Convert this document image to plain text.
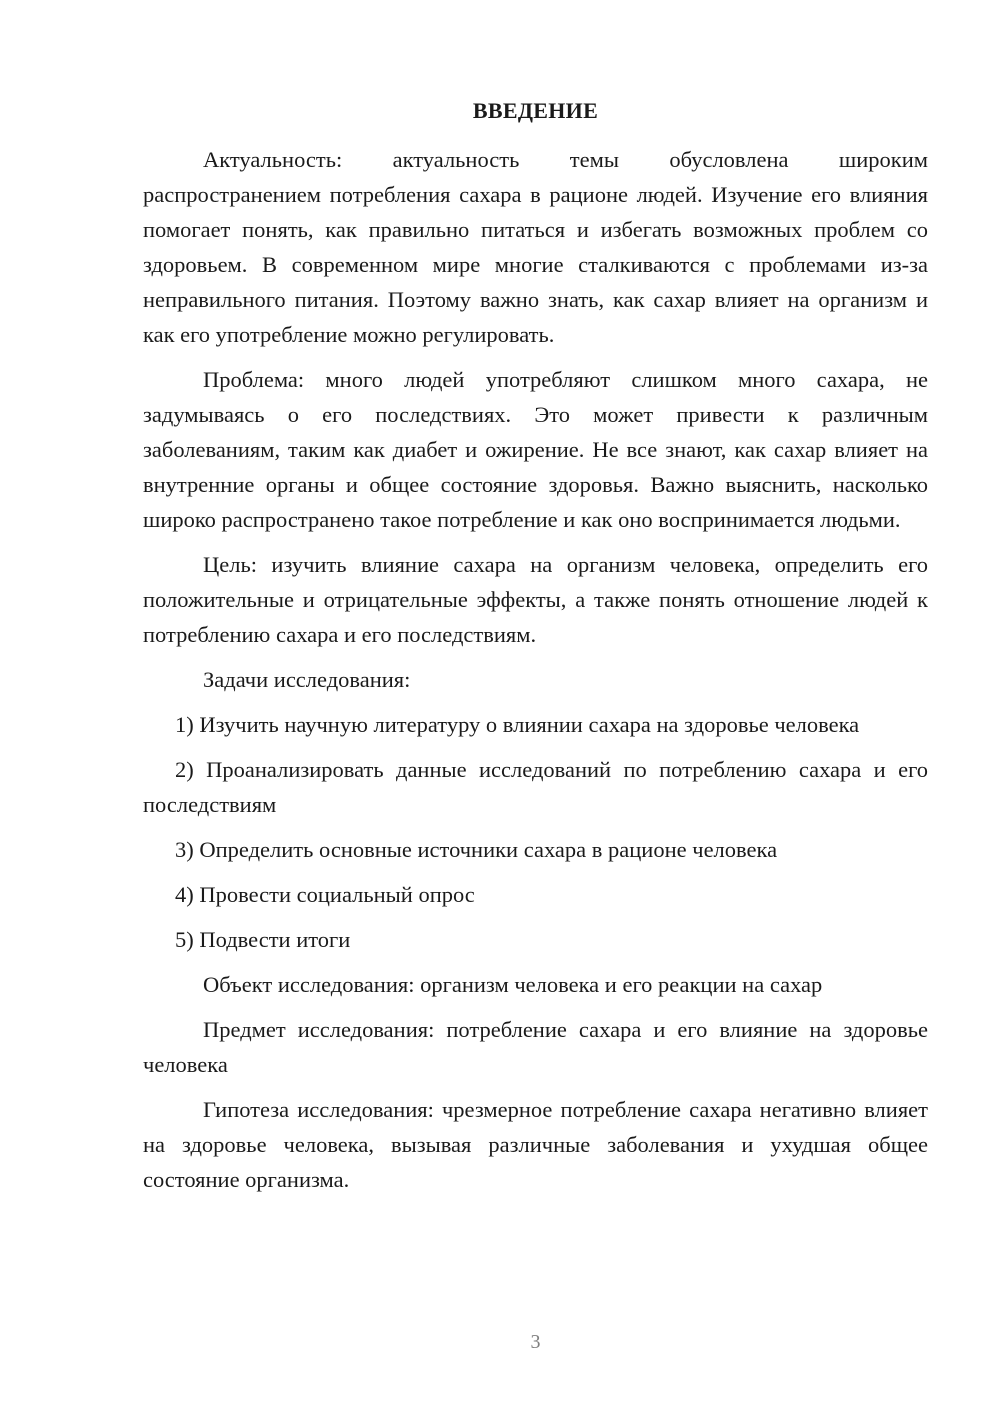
ВВЕДЕНИЕ

Актуальность: актуальность темы обусловлена широким распространением потребления сахара в рационе людей. Изучение его влияния помогает понять, как правильно питаться и избегать возможных проблем со здоровьем. В современном мире многие сталкиваются с проблемами из-за неправильного питания. Поэтому важно знать, как сахар влияет на организм и как его употребление можно регулировать.

Проблема: много людей употребляют слишком много сахара, не задумываясь о его последствиях. Это может привести к различным заболеваниям, таким как диабет и ожирение. Не все знают, как сахар влияет на внутренние органы и общее состояние здоровья. Важно выяснить, насколько широко распространено такое потребление и как оно воспринимается людьми.

Цель: изучить влияние сахара на организм человека, определить его положительные и отрицательные эффекты, а также понять отношение людей к потреблению сахара и его последствиям.

Задачи исследования:

1) Изучить научную литературу о влиянии сахара на здоровье человека

2) Проанализировать данные исследований по потреблению сахара и его последствиям

3) Определить основные источники сахара в рационе человека

4) Провести социальный опрос

5) Подвести итоги

Объект исследования: организм человека и его реакции на сахар

Предмет исследования: потребление сахара и его влияние на здоровье человека

Гипотеза исследования: чрезмерное потребление сахара негативно влияет на здоровье человека, вызывая различные заболевания и ухудшая общее состояние организма.

3
